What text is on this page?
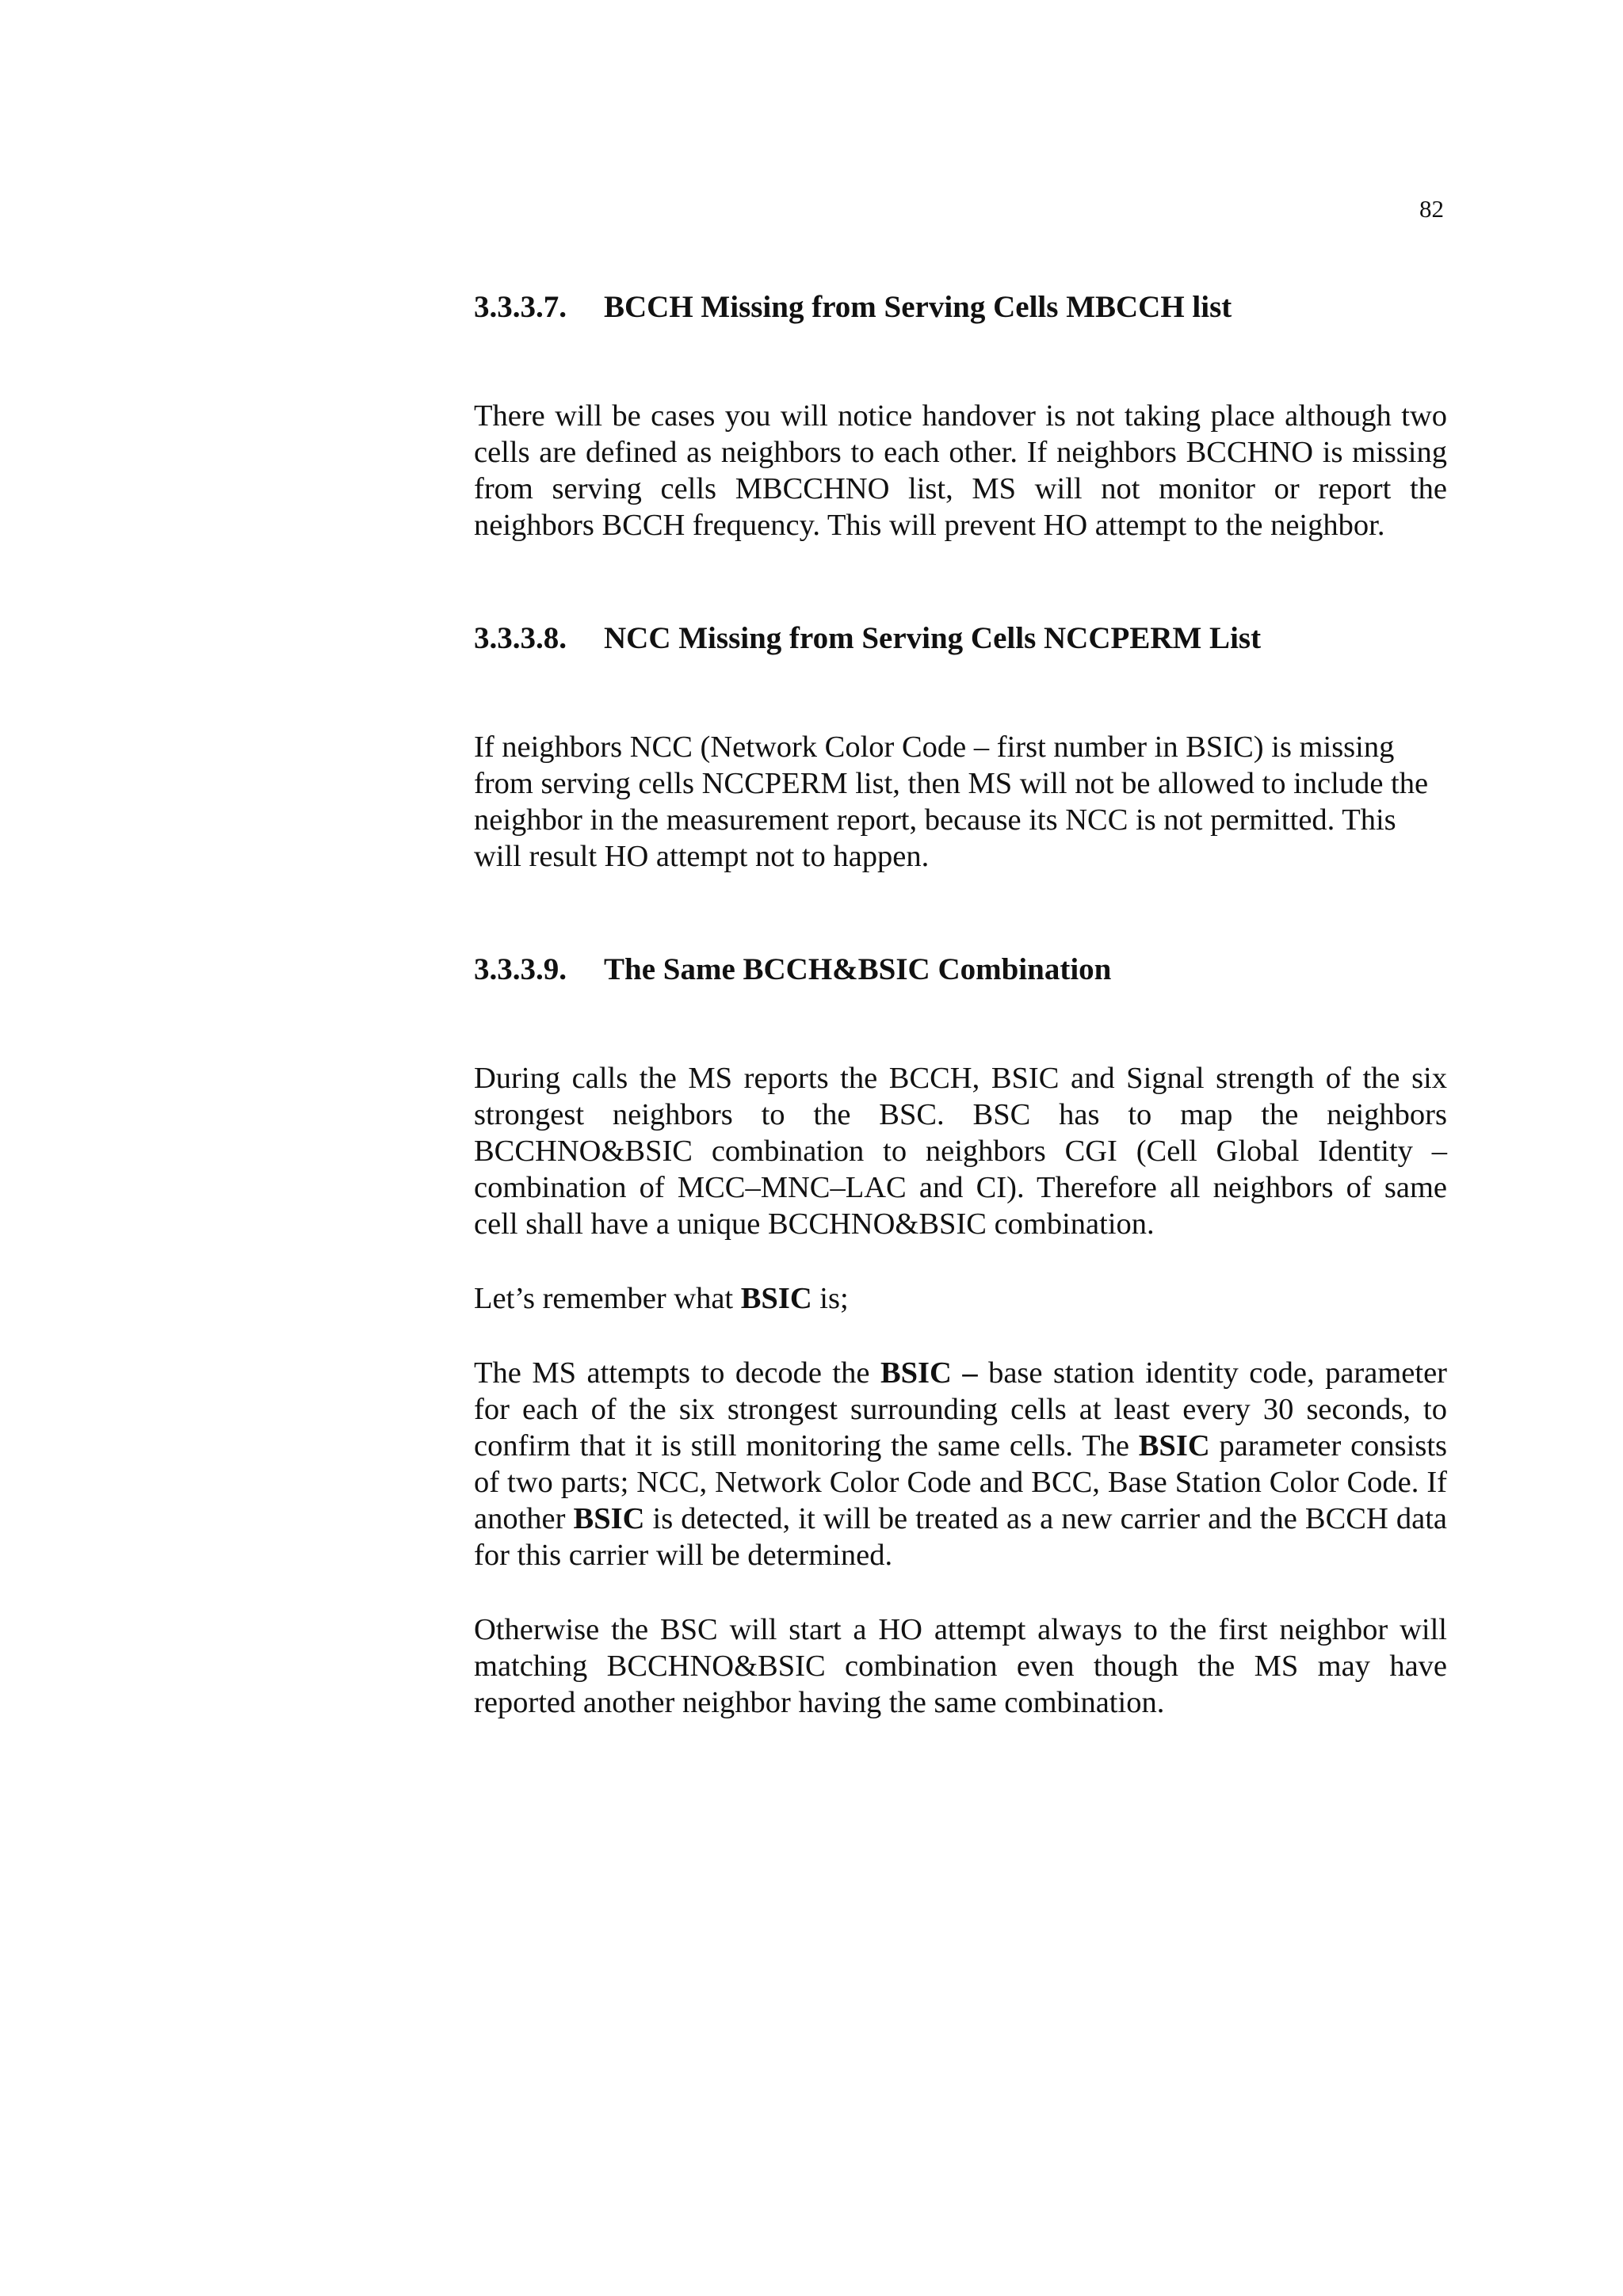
82
3.3.3.7. BCCH Missing from Serving Cells MBCCH list

There will be cases you will notice handover is not taking place although two cells are defined as neighbors to each other. If neighbors BCCHNO is missing from serving cells MBCCHNO list, MS will not monitor or report the neighbors BCCH frequency. This will prevent HO attempt to the neighbor.

3.3.3.8. NCC Missing from Serving Cells NCCPERM List

If neighbors NCC (Network Color Code – first number in BSIC) is missing from serving cells NCCPERM list, then MS will not be allowed to include the neighbor in the measurement report, because its NCC is not permitted. This will result HO attempt not to happen.

3.3.3.9. The Same BCCH&BSIC Combination

During calls the MS reports the BCCH, BSIC and Signal strength of the six strongest neighbors to the BSC. BSC has to map the neighbors BCCHNO&BSIC combination to neighbors CGI (Cell Global Identity – combination of MCC–MNC–LAC and CI). Therefore all neighbors of same cell shall have a unique BCCHNO&BSIC combination.

Let’s remember what BSIC is;

The MS attempts to decode the BSIC – base station identity code, parameter for each of the six strongest surrounding cells at least every 30 seconds, to confirm that it is still monitoring the same cells. The BSIC parameter consists of two parts; NCC, Network Color Code and BCC, Base Station Color Code. If another BSIC is detected, it will be treated as a new carrier and the BCCH data for this carrier will be determined.

Otherwise the BSC will start a HO attempt always to the first neighbor will matching BCCHNO&BSIC combination even though the MS may have reported another neighbor having the same combination.
